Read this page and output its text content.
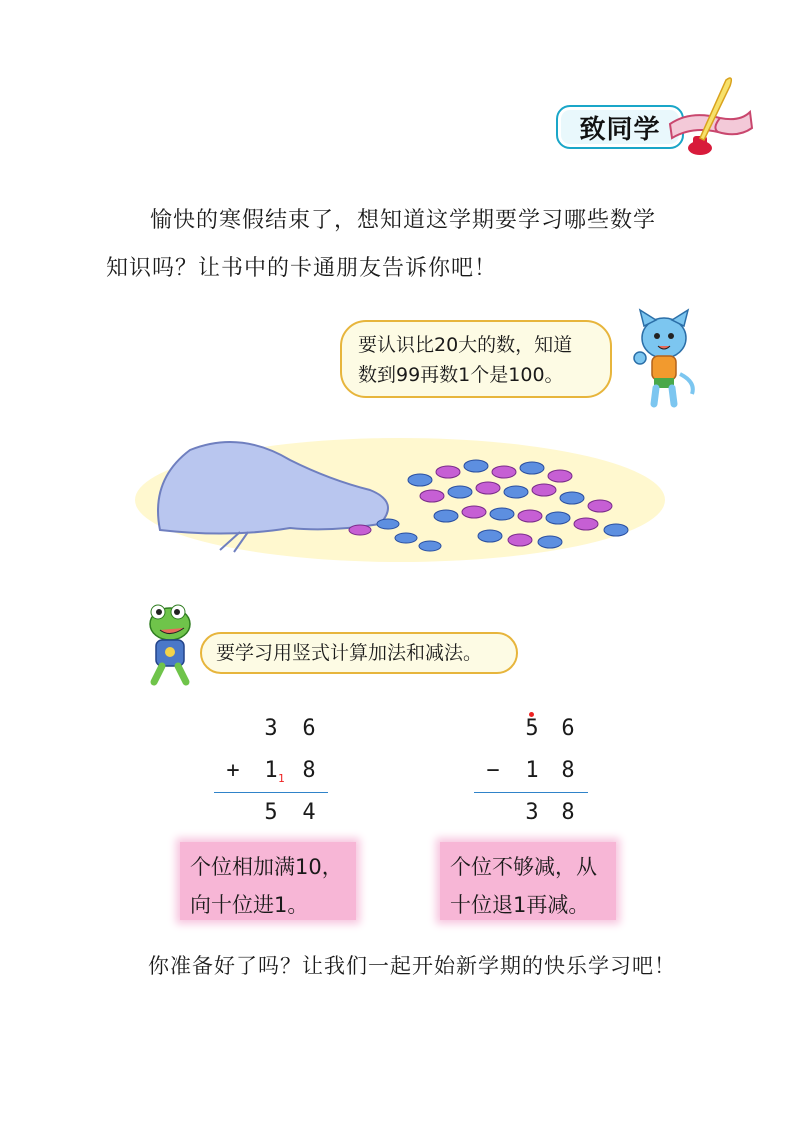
致同学
愉快的寒假结束了，想知道这学期要学习哪些数学
知识吗？让书中的卡通朋友告诉你吧！
要认识比20大的数，知道
数到99再数1个是100。
要学习用竖式计算加法和减法。
3 6
+ 1 1 8
5 4
5 6
− 1 8
3 8
个位相加满10，
向十位进1。
个位不够减，从
十位退1再减。
你准备好了吗？让我们一起开始新学期的快乐学习吧！
